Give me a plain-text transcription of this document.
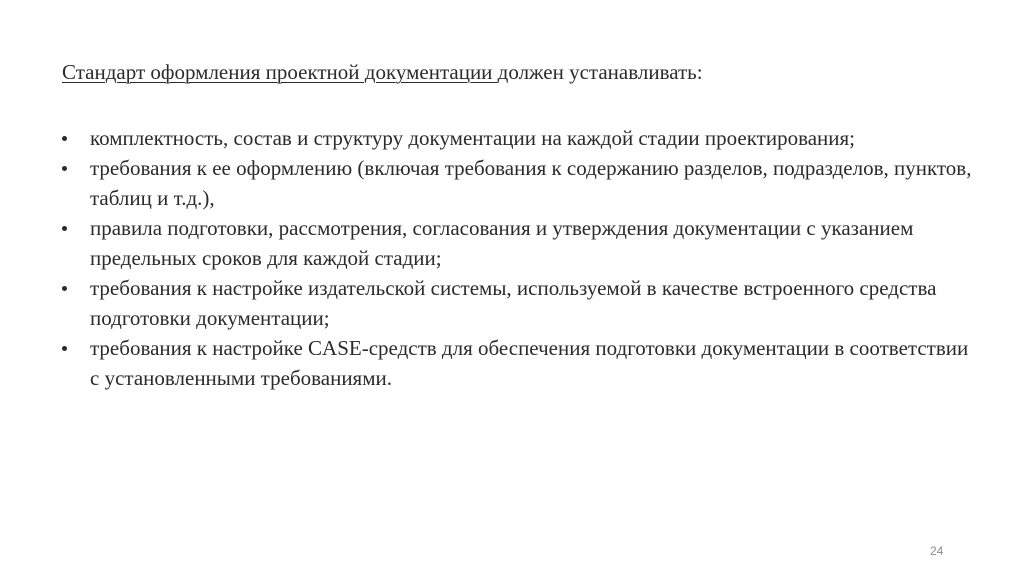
Стандарт оформления проектной документации должен устанавливать:
комплектность, состав и структуру документации на каждой стадии проектирования;
требования к ее оформлению (включая требования к содержанию разделов, подразделов, пунктов, таблиц и т.д.),
правила подготовки, рассмотрения, согласования и утверждения документации с указанием предельных сроков для каждой стадии;
требования к настройке издательской системы, используемой в качестве встроенного средства подготовки документации;
требования к настройке CASE-средств для обеспечения подготовки документации в соответствии с установленными требованиями.
24
